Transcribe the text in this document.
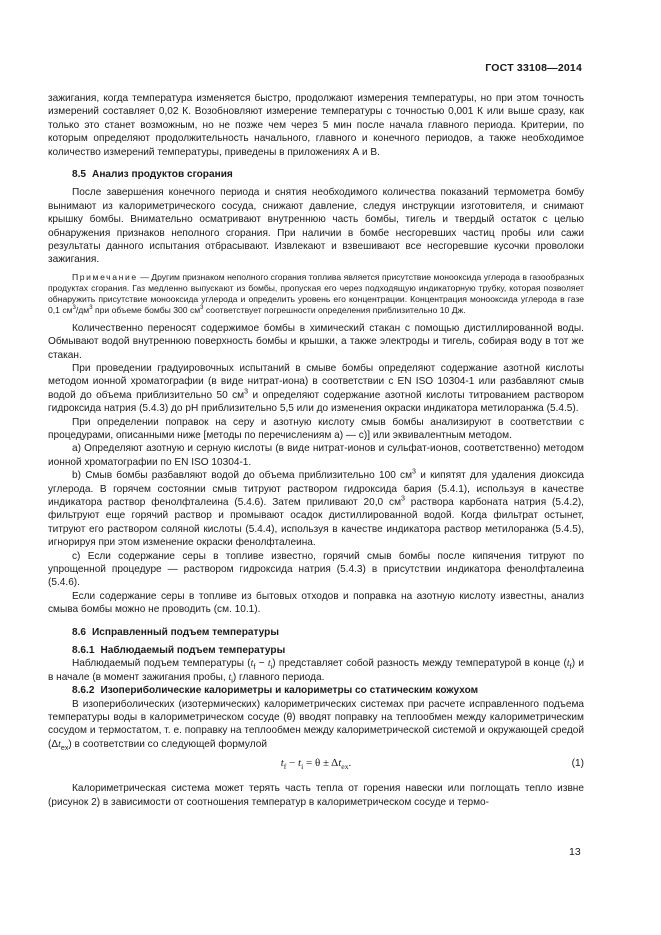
ГОСТ 33108—2014

зажигания, когда температура изменяется быстро, продолжают измерения температуры, но при этом точность измерений составляет 0,02 К. Возобновляют измерение температуры с точностью 0,001 К или выше сразу, как только это станет возможным, но не позже чем через 5 мин после начала главного периода. Критерии, по которым определяют продолжительность начального, главного и конечного периодов, а также необходимое количество измерений температуры, приведены в приложениях А и В.

8.5 Анализ продуктов сгорания

После завершения конечного периода и снятия необходимого количества показаний термометра бомбу вынимают из калориметрического сосуда, снижают давление, следуя инструкции изготовителя, и снимают крышку бомбы. Внимательно осматривают внутреннюю часть бомбы, тигель и твердый остаток с целью обнаружения признаков неполного сгорания. При наличии в бомбе несгоревших частиц пробы или сажи результаты данного испытания отбрасывают. Извлекают и взвешивают все несгоревшие кусочки проволоки зажигания.

Примечание — Другим признаком неполного сгорания топлива является присутствие монооксида углерода в газообразных продуктах сгорания. Газ медленно выпускают из бомбы, пропуская его через подходящую индикаторную трубку, которая позволяет обнаружить присутствие монооксида углерода и определить уровень его концентрации. Концентрация монооксида углерода в газе 0,1 $см^3/дм^3$ при объеме бомбы 300 $см^3$ соответствует погрешности определения приблизительно 10 Дж.

Количественно переносят содержимое бомбы в химический стакан с помощью дистиллированной воды. Обмывают водой внутреннюю поверхность бомбы и крышки, а также электроды и тигель, собирая воду в тот же стакан.

При проведении градуировочных испытаний в смыве бомбы определяют содержание азотной кислоты методом ионной хроматографии (в виде нитрат-иона) в соответствии с EN ISO 10304-1 или разбавляют смыв водой до объема приблизительно 50 $см^3$ и определяют содержание азотной кислоты титрованием раствором гидроксида натрия (5.4.3) до pH приблизительно 5,5 или до изменения окраски индикатора метилоранжа (5.4.5).

При определении поправок на серу и азотную кислоту смыв бомбы анализируют в соответствии с процедурами, описанными ниже [методы по перечислениям а) — с)] или эквивалентным методом.

a) Определяют азотную и серную кислоты (в виде нитрат-ионов и сульфат-ионов, соответственно) методом ионной хроматографии по EN ISO 10304-1.

b) Смыв бомбы разбавляют водой до объема приблизительно 100 $см^3$ и кипятят для удаления диоксида углерода. В горячем состоянии смыв титруют раствором гидроксида бария (5.4.1), используя в качестве индикатора раствор фенолфталеина (5.4.6). Затем приливают 20,0 $см^3$ раствора карбоната натрия (5.4.2), фильтруют еще горячий раствор и промывают осадок дистиллированной водой. Когда фильтрат остынет, титруют его раствором соляной кислоты (5.4.4), используя в качестве индикатора раствор метилоранжа (5.4.5), игнорируя при этом изменение окраски фенолфталеина.

c) Если содержание серы в топливе известно, горячий смыв бомбы после кипячения титруют по упрощенной процедуре — раствором гидроксида натрия (5.4.3) в присутствии индикатора фенолфталеина (5.4.6).

Если содержание серы в топливе из бытовых отходов и поправка на азотную кислоту известны, анализ смыва бомбы можно не проводить (см. 10.1).

8.6 Исправленный подъем температуры

8.6.1 Наблюдаемый подъем температуры

Наблюдаемый подъем температуры $(t_f - t_i)$ представляет собой разность между температурой в конце $(t_f)$ и в начале (в момент зажигания пробы, $t_i$) главного периода.

8.6.2 Изопериболические калориметры и калориметры со статическим кожухом

В изопериболических (изотермических) калориметрических системах при расчете исправленного подъема температуры воды в калориметрическом сосуде (θ) вводят поправку на теплообмен между калориметрическим сосудом и термостатом, т. е. поправку на теплообмен между калориметрической системой и окружающей средой $(\Delta t_{ex})$ в соответствии со следующей формулой

$t_f - t_i = \theta \pm \Delta t_{ex}$.	(1)

Калориметрическая система может терять часть тепла от горения навески или поглощать тепло извне (рисунок 2) в зависимости от соотношения температур в калориметрическом сосуде и термо-

13
